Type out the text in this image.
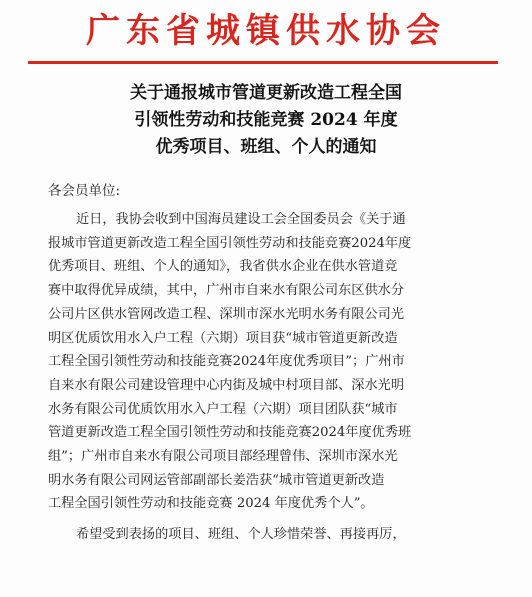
广东省城镇供水协会
关于通报城市管道更新改造工程全国
引领性劳动和技能竞赛 2024 年度
优秀项目、班组、个人的通知
各会员单位:
近日，我协会收到中国海员建设工会全国委员会《关于通
报城市管道更新改造工程全国引领性劳动和技能竞赛2024年度
优秀项目、班组、个人的通知》，我省供水企业在供水管道竞
赛中取得优异成绩，其中，广州市自来水有限公司东区供水分
公司片区供水管网改造工程、深圳市深水光明水务有限公司光
明区优质饮用水入户工程（六期）项目获“城市管道更新改造
工程全国引领性劳动和技能竞赛2024年度优秀项目”；广州市
自来水有限公司建设管理中心内街及城中村项目部、深水光明
水务有限公司优质饮用水入户工程（六期）项目团队获“城市
管道更新改造工程全国引领性劳动和技能竞赛2024年度优秀班
组”；广州市自来水有限公司项目部经理曾伟、深圳市深水光
明水务有限公司网运管部副部长姜浩获“城市管道更新改造
工程全国引领性劳动和技能竞赛 2024 年度优秀个人”。
希望受到表扬的项目、班组、个人珍惜荣誉、再接再厉，
